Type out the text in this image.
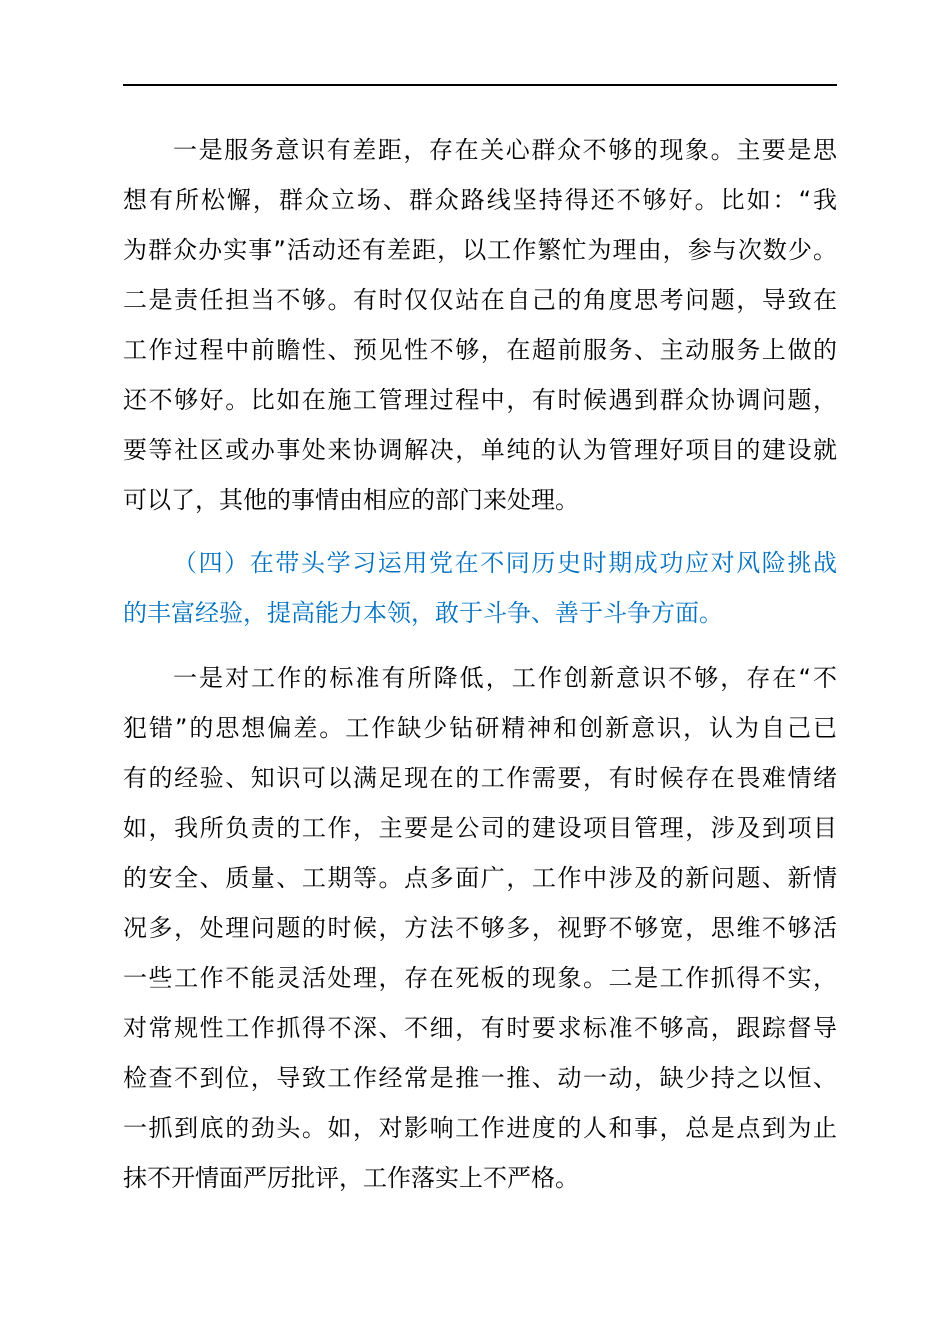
一是服务意识有差距，存在关心群众不够的现象。主要是思
想有所松懈，群众立场、群众路线坚持得还不够好。比如：“我
为群众办实事”活动还有差距，以工作繁忙为理由，参与次数少。
二是责任担当不够。有时仅仅站在自己的角度思考问题，导致在
工作过程中前瞻性、预见性不够，在超前服务、主动服务上做的
还不够好。比如在施工管理过程中，有时候遇到群众协调问题，
要等社区或办事处来协调解决，单纯的认为管理好项目的建设就
可以了，其他的事情由相应的部门来处理。
（四）在带头学习运用党在不同历史时期成功应对风险挑战
的丰富经验，提高能力本领，敢于斗争、善于斗争方面。
一是对工作的标准有所降低，工作创新意识不够，存在“不
犯错”的思想偏差。工作缺少钻研精神和创新意识，认为自己已
有的经验、知识可以满足现在的工作需要，有时候存在畏难情绪
如，我所负责的工作，主要是公司的建设项目管理，涉及到项目
的安全、质量、工期等。点多面广，工作中涉及的新问题、新情
况多，处理问题的时候，方法不够多，视野不够宽，思维不够活
一些工作不能灵活处理，存在死板的现象。二是工作抓得不实，
对常规性工作抓得不深、不细，有时要求标准不够高，跟踪督导
检查不到位，导致工作经常是推一推、动一动，缺少持之以恒、
一抓到底的劲头。如，对影响工作进度的人和事，总是点到为止
抹不开情面严厉批评，工作落实上不严格。
